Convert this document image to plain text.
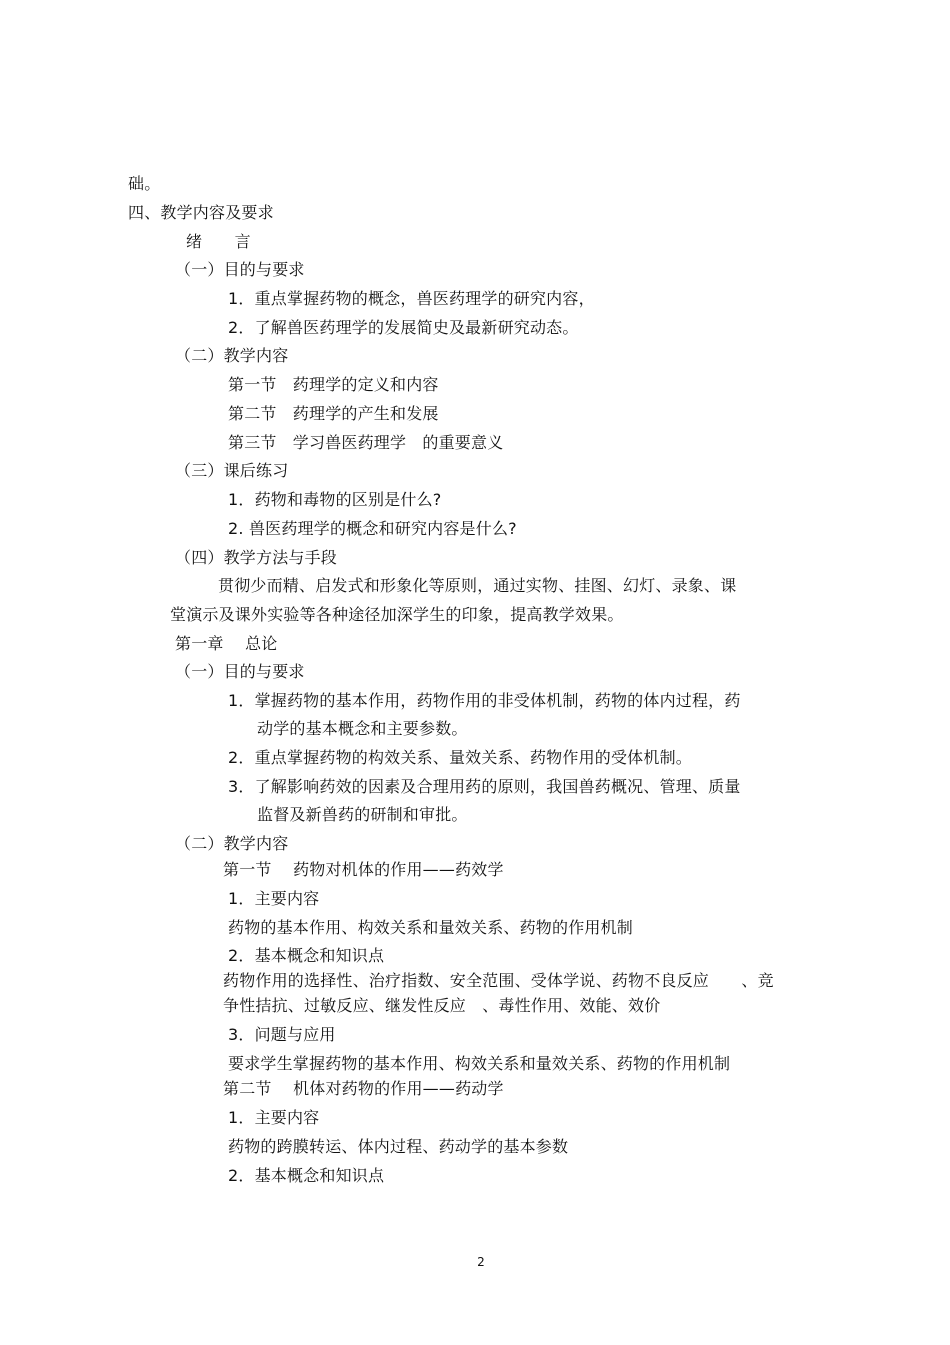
础。
四、教学内容及要求
绪　　言
（一）目的与要求
1．重点掌握药物的概念，兽医药理学的研究内容，
2．了解兽医药理学的发展简史及最新研究动态。
（二）教学内容
第一节　药理学的定义和内容
第二节　药理学的产生和发展
第三节　学习兽医药理学　的重要意义
（三）课后练习
1．药物和毒物的区别是什么?
2. 兽医药理学的概念和研究内容是什么?
（四）教学方法与手段
贯彻少而精、启发式和形象化等原则，通过实物、挂图、幻灯、录象、课
堂演示及课外实验等各种途径加深学生的印象，提高教学效果。
第一章　 总论
（一）目的与要求
1．掌握药物的基本作用，药物作用的非受体机制，药物的体内过程，药
动学的基本概念和主要参数。
2．重点掌握药物的构效关系、量效关系、药物作用的受体机制。
3．了解影响药效的因素及合理用药的原则，我国兽药概况、管理、质量
监督及新兽药的研制和审批。
（二）教学内容
第一节　 药物对机体的作用——药效学
1．主要内容
药物的基本作用、构效关系和量效关系、药物的作用机制
2．基本概念和知识点
药物作用的选择性、治疗指数、安全范围、受体学说、药物不良反应　　、竞
争性拮抗、过敏反应、继发性反应　、毒性作用、效能、效价
3．问题与应用
要求学生掌握药物的基本作用、构效关系和量效关系、药物的作用机制
第二节　 机体对药物的作用——药动学
1．主要内容
药物的跨膜转运、体内过程、药动学的基本参数
2．基本概念和知识点
2
